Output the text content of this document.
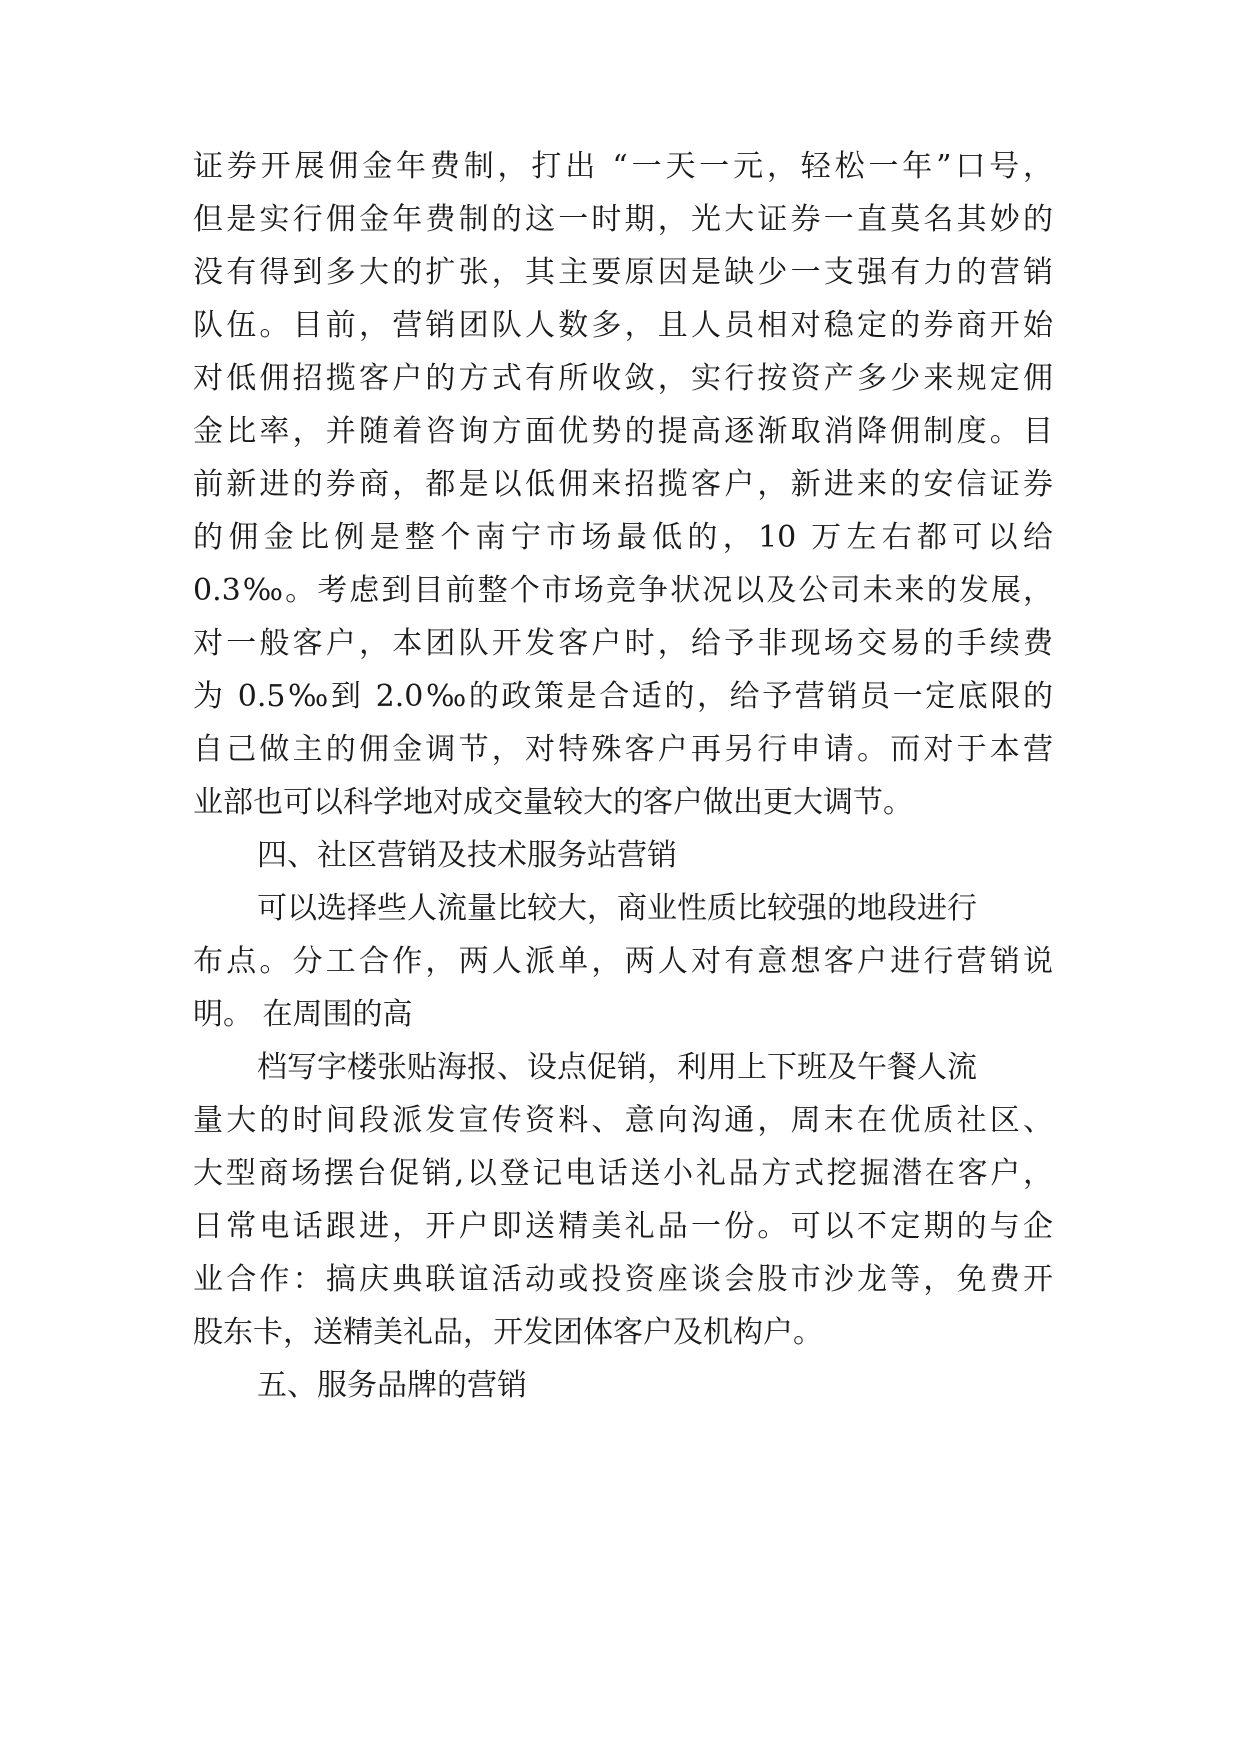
证券开展佣金年费制，打出 “一天一元，轻松一年”口号，

但是实行佣金年费制的这一时期，光大证券一直莫名其妙的

没有得到多大的扩张，其主要原因是缺少一支强有力的营销

队伍。目前，营销团队人数多，且人员相对稳定的券商开始

对低佣招揽客户的方式有所收敛，实行按资产多少来规定佣

金比率，并随着咨询方面优势的提高逐渐取消降佣制度。目

前新进的券商，都是以低佣来招揽客户，新进来的安信证券

的佣金比例是整个南宁市场最低的，10 万左右都可以给

0.3‰。考虑到目前整个市场竞争状况以及公司未来的发展，

对一般客户，本团队开发客户时，给予非现场交易的手续费

为 0.5‰到 2.0‰的政策是合适的，给予营销员一定底限的

自己做主的佣金调节，对特殊客户再另行申请。而对于本营

业部也可以科学地对成交量较大的客户做出更大调节。

四、社区营销及技术服务站营销

可以选择些人流量比较大，商业性质比较强的地段进行

布点。分工合作，两人派单，两人对有意想客户进行营销说

明。 在周围的高

档写字楼张贴海报、设点促销，利用上下班及午餐人流

量大的时间段派发宣传资料、意向沟通，周末在优质社区、

大型商场摆台促销,以登记电话送小礼品方式挖掘潜在客户，

日常电话跟进，开户即送精美礼品一份。可以不定期的与企

业合作：搞庆典联谊活动或投资座谈会股市沙龙等，免费开

股东卡，送精美礼品，开发团体客户及机构户。

五、服务品牌的营销
